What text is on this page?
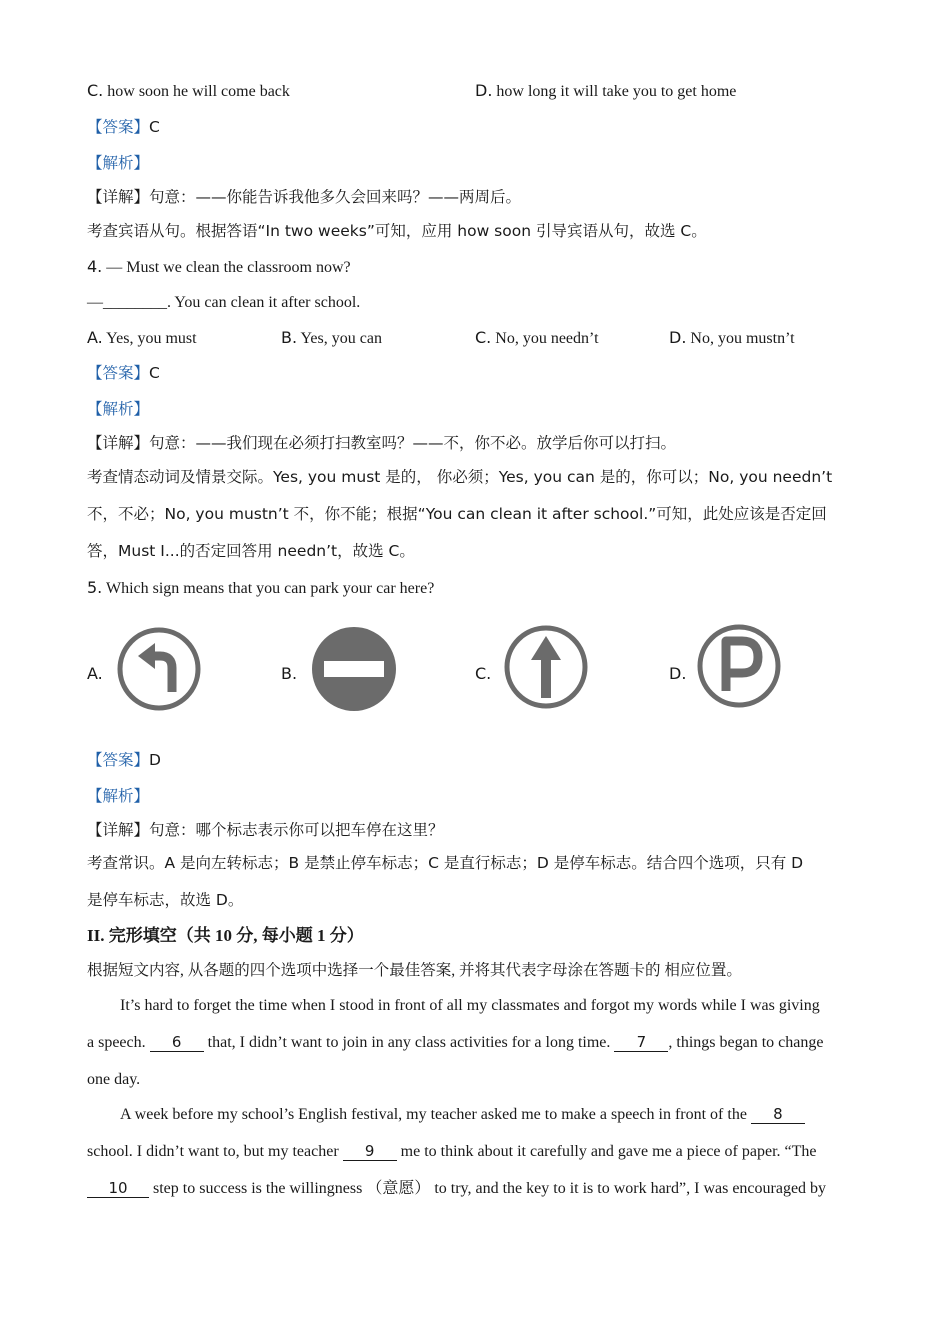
C. how soon he will come back	D. how long it will take you to get home
【答案】C
【解析】
【详解】句意：——你能告诉我他多久会回来吗？——两周后。
考查宾语从句。根据答语“In two weeks”可知，应用 how soon 引导宾语从句，故选 C。
4. — Must we clean the classroom now?
—________. You can clean it after school.
A. Yes, you must	B. Yes, you can	C. No, you needn’t	D. No, you mustn’t
【答案】C
【解析】
【详解】句意：——我们现在必须打扫教室吗？——不，你不必。放学后你可以打扫。
考查情态动词及情景交际。Yes, you must 是的， 你必须；Yes, you can 是的，你可以；No, you needn’t
不，不必；No, you mustn’t 不，你不能；根据“You can clean it after school.”可知，此处应该是否定回
答，Must I...的否定回答用 needn’t，故选 C。
5. Which sign means that you can park your car here?
A.	B.	C.	D.
【答案】D
【解析】
【详解】句意：哪个标志表示你可以把车停在这里？
考查常识。A 是向左转标志；B 是禁止停车标志；C 是直行标志；D 是停车标志。结合四个选项，只有 D
是停车标志，故选 D。
II. 完形填空（共 10 分, 每小题 1 分）
根据短文内容, 从各题的四个选项中选择一个最佳答案, 并将其代表字母涂在答题卡的 相应位置。
It’s hard to forget the time when I stood in front of all my classmates and forgot my words while I was giving
a speech. 6 that, I didn’t want to join in any class activities for a long time. 7 , things began to change
one day.
A week before my school’s English festival, my teacher asked me to make a speech in front of the 8
school. I didn’t want to, but my teacher 9 me to think about it carefully and gave me a piece of paper. “The
10 step to success is the willingness （意愿） to try, and the key to it is to work hard”, I was encouraged by
